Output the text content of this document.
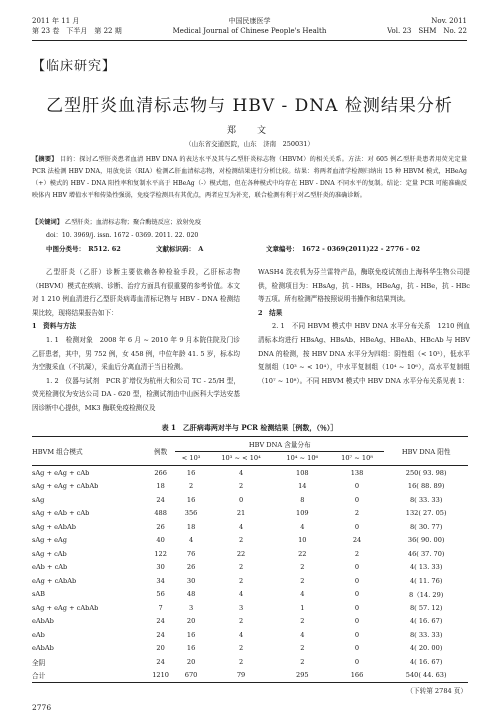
2011 年 11 月
第 23 卷　下半月　第 22 期
中国民康医学
Medical Journal of Chinese People's Health
Nov. 2011
Vol. 23　SHM　No. 22
【临床研究】
乙型肝炎血清标志物与 HBV - DNA 检测结果分析
郑　文
（山东省交通医院，山东　济南　250031）
【摘要】 目的：探讨乙型肝炎患者血清 HBV DNA 的表达水平及其与乙型肝炎标志物（HBVM）的相关关系。方法：对 605 例乙型肝炎患者用荧光定量 PCR 法检测 HBV DNA，用放免法（RIA）检测乙肝血清标志物，对检测结果进行分析比较。结果：将两者血清学检测归纳出 15 种 HBVM 模式，HBeAg（+）模式的 HBV - DNA 阳性率和复制水平高于 HBeAg（-）模式组，但在各种模式中均存在 HBV - DNA 不同水平的复制。结论：定量 PCR 可能准确反映体内 HBV 增值水平和传染性强弱，免疫学检测具有其优点，两者应互为补充，联合检测有利于对乙型肝炎的准确诊断。
【关键词】 乙型肝炎；血清标志物；聚合酶链反应；放射免疫
doi：10. 3969/j. issn. 1672 - 0369. 2011. 22. 020
中图分类号：　R512. 62	文献标识码：　A	文章编号：　1672 - 0369(2011)22 - 2776 - 02

乙型肝炎（乙肝）诊断主要依赖各种检验手段，乙肝标志物（HBVM）模式在疾病、诊断、治疗方面具有很重要的参考价值。本文对 1 210 例血清进行乙型肝炎病毒血清标记物与 HBV - DNA 检测结果比较，现将结果报告如下：

1　资料与方法

1. 1　检测对象　2008 年 6 月 ~ 2010 年 9 月本院住院及门诊乙肝患者，其中，男 752 例，女 458 例，中位年龄 41. 5 岁，标本均为空腹采血（不抗凝），采血后分离血清于当日检测。

1. 2　仪器与试剂　PCR 扩增仪为杭州大和公司 TC - 25/H 型，荧光检测仪为安达公司 DA - 620 型，检测试剂由中山医科大学达安基因诊断中心提供，MK3 酶联免疫检测仪及

WASH4 洗衣机为芬兰雷特产品，酶联免疫试剂由上海科华生物公司提供，检测项目为：HBsAg，抗 - HBs，HBeAg，抗 - HBe，抗 - HBc 等五项。所有检测严格按照说明书操作和结果判读。

2　结果

2. 1　不同 HBVM 模式中 HBV DNA 水平分布关系　1210 例血清标本均进行 HBsAg、HBsAb、HBeAg、HBeAb、HBcAb 与 HBV DNA 的检测，按 HBV DNA 水平分为四组：阴性组（< 10³），低水平复制组（10³ ~ < 10⁴），中水平复制组（10⁴ ~ 10⁶），高水平复制组（10⁷ ~ 10⁸）。不同 HBVM 模式中 HBV DNA 水平分布关系见表 1：

表 1　乙肝病毒两对半与 PCR 检测结果［例数，（％）］
HBVM 组合模式	例数	HBV DNA 含量分布				HBV DNA 阳性
		< 10³	10³ ~ < 10⁴	10⁴ ~ 10⁶	10⁷ ~ 10⁸	
sAg + eAg + cAb	266	16	4	108	138	250( 93. 98)
sAg + eAg + cAbAb	18	2	2	14	0	16( 88. 89)
sAg	24	16	0	8	0	8( 33. 33)
sAg + eAb + cAb	488	356	21	109	2	132( 27. 05)
sAg + eAbAb	26	18	4	4	0	8( 30. 77)
sAg + eAg	40	4	2	10	24	36( 90. 00)
sAg + cAb	122	76	22	22	2	46( 37. 70)
eAb + cAb	30	26	2	2	0	4( 13. 33)
eAg + cAbAb	34	30	2	2	0	4( 11. 76)
sAB	56	48	4	4	0	8（14. 29)
sAg + eAg + cAbAb	7	3	3	1	0	8( 57. 12)
eAbAb	24	20	2	2	0	4( 16. 67)
eAb	24	16	4	4	0	8( 33. 33)
eAbAb	20	16	2	2	0	4( 20. 00)
全阴	24	20	2	2	0	4( 16. 67)
合计	1210	670	79	295	166	540( 44. 63)
（下转第 2784 页）
2776
